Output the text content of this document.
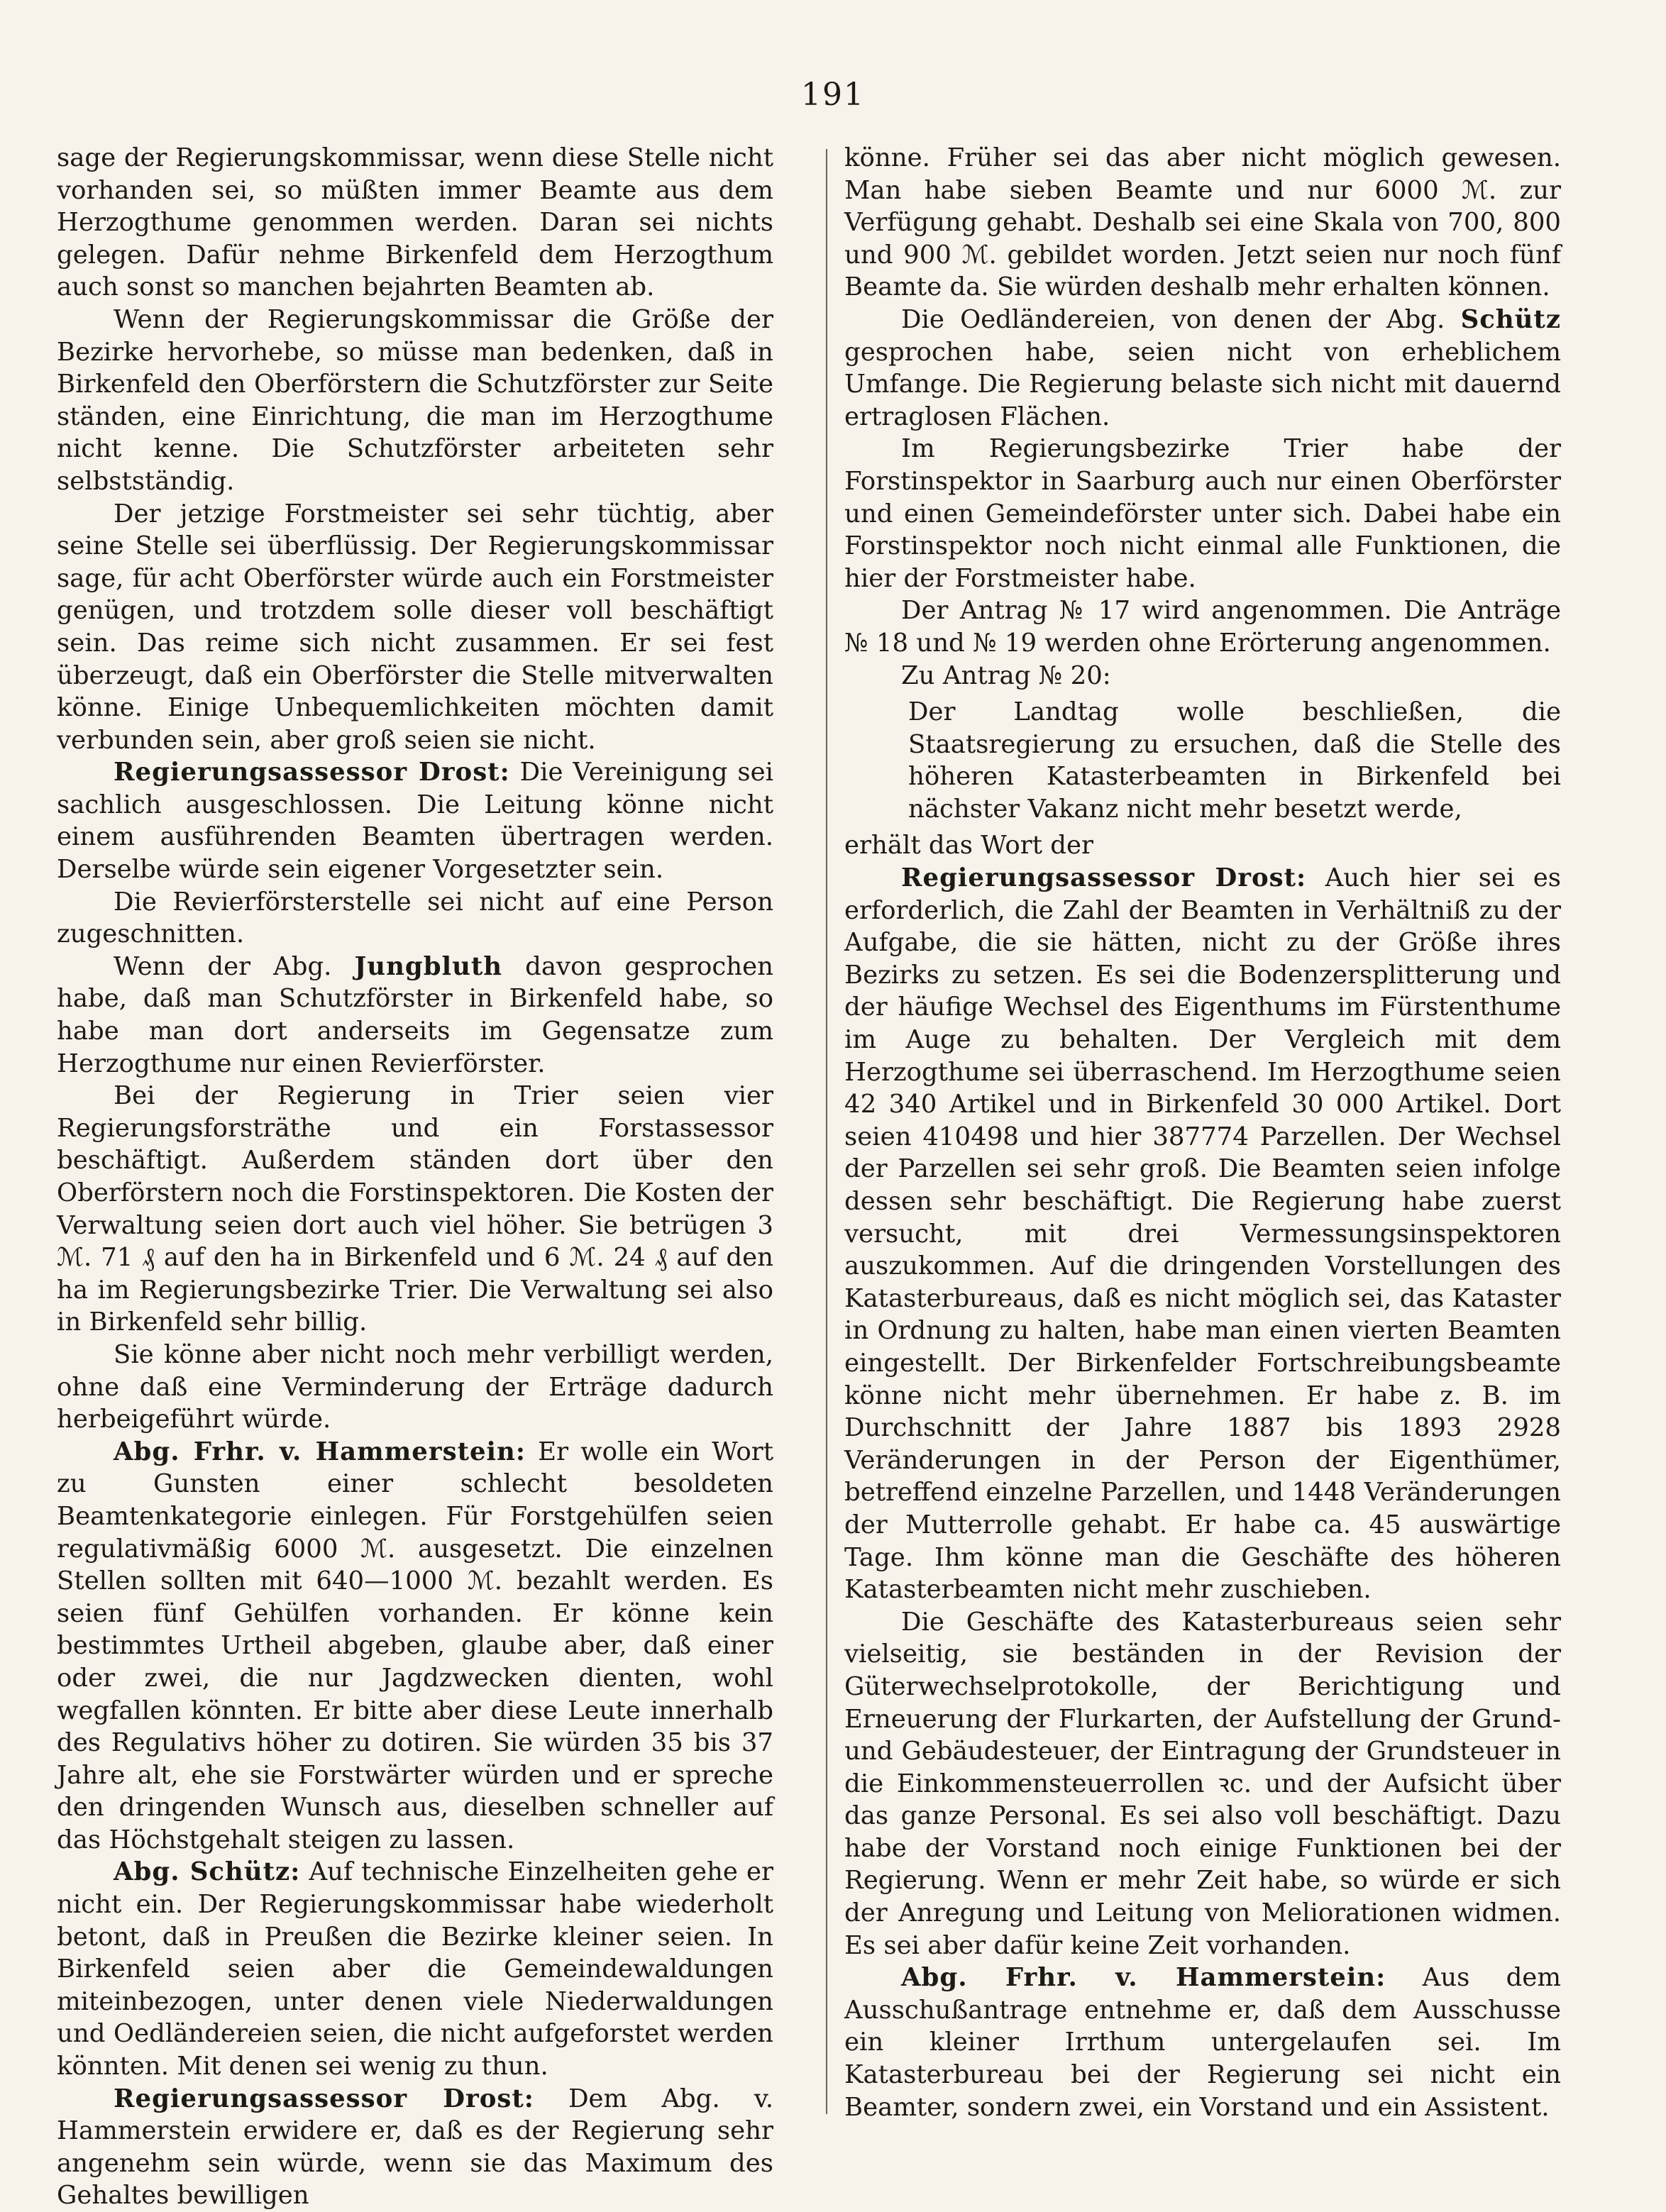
191

sage der Regierungskommissar, wenn diese Stelle nicht vorhanden sei, so müßten immer Beamte aus dem Herzogthume genommen werden. Daran sei nichts gelegen. Dafür nehme Birkenfeld dem Herzogthum auch sonst so manchen bejahrten Beamten ab.

Wenn der Regierungskommissar die Größe der Bezirke hervorhebe, so müsse man bedenken, daß in Birkenfeld den Oberförstern die Schutzförster zur Seite ständen, eine Einrichtung, die man im Herzogthume nicht kenne. Die Schutzförster arbeiteten sehr selbstständig.

Der jetzige Forstmeister sei sehr tüchtig, aber seine Stelle sei überflüssig. Der Regierungskommissar sage, für acht Oberförster würde auch ein Forstmeister genügen, und trotzdem solle dieser voll beschäftigt sein. Das reime sich nicht zusammen. Er sei fest überzeugt, daß ein Oberförster die Stelle mitverwalten könne. Einige Unbequemlichkeiten möchten damit verbunden sein, aber groß seien sie nicht.

Regierungsassessor Drost: Die Vereinigung sei sachlich ausgeschlossen. Die Leitung könne nicht einem ausführenden Beamten übertragen werden. Derselbe würde sein eigener Vorgesetzter sein.

Die Revierförsterstelle sei nicht auf eine Person zugeschnitten.

Wenn der Abg. Jungbluth davon gesprochen habe, daß man Schutzförster in Birkenfeld habe, so habe man dort anderseits im Gegensatze zum Herzogthume nur einen Revierförster.

Bei der Regierung in Trier seien vier Regierungsforsträthe und ein Forstassessor beschäftigt. Außerdem ständen dort über den Oberförstern noch die Forstinspektoren. Die Kosten der Verwaltung seien dort auch viel höher. Sie betrügen 3 ℳ. 71 ₰ auf den ha in Birkenfeld und 6 ℳ. 24 ₰ auf den ha im Regierungsbezirke Trier. Die Verwaltung sei also in Birkenfeld sehr billig.

Sie könne aber nicht noch mehr verbilligt werden, ohne daß eine Verminderung der Erträge dadurch herbeigeführt würde.

Abg. Frhr. v. Hammerstein: Er wolle ein Wort zu Gunsten einer schlecht besoldeten Beamtenkategorie einlegen. Für Forstgehülfen seien regulativmäßig 6000 ℳ. ausgesetzt. Die einzelnen Stellen sollten mit 640—1000 ℳ. bezahlt werden. Es seien fünf Gehülfen vorhanden. Er könne kein bestimmtes Urtheil abgeben, glaube aber, daß einer oder zwei, die nur Jagdzwecken dienten, wohl wegfallen könnten. Er bitte aber diese Leute innerhalb des Regulativs höher zu dotiren. Sie würden 35 bis 37 Jahre alt, ehe sie Forstwärter würden und er spreche den dringenden Wunsch aus, dieselben schneller auf das Höchstgehalt steigen zu lassen.

Abg. Schütz: Auf technische Einzelheiten gehe er nicht ein. Der Regierungskommissar habe wiederholt betont, daß in Preußen die Bezirke kleiner seien. In Birkenfeld seien aber die Gemeindewaldungen miteinbezogen, unter denen viele Niederwaldungen und Oedländereien seien, die nicht aufgeforstet werden könnten. Mit denen sei wenig zu thun.

Regierungsassessor Drost: Dem Abg. v. Hammerstein erwidere er, daß es der Regierung sehr angenehm sein würde, wenn sie das Maximum des Gehaltes bewilligen

könne. Früher sei das aber nicht möglich gewesen. Man habe sieben Beamte und nur 6000 ℳ. zur Verfügung gehabt. Deshalb sei eine Skala von 700, 800 und 900 ℳ. gebildet worden. Jetzt seien nur noch fünf Beamte da. Sie würden deshalb mehr erhalten können.

Die Oedländereien, von denen der Abg. Schütz gesprochen habe, seien nicht von erheblichem Umfange. Die Regierung belaste sich nicht mit dauernd ertraglosen Flächen.

Im Regierungsbezirke Trier habe der Forstinspektor in Saarburg auch nur einen Oberförster und einen Gemeindeförster unter sich. Dabei habe ein Forstinspektor noch nicht einmal alle Funktionen, die hier der Forstmeister habe.

Der Antrag № 17 wird angenommen. Die Anträge № 18 und № 19 werden ohne Erörterung angenommen.

Zu Antrag № 20:

Der Landtag wolle beschließen, die Staatsregierung zu ersuchen, daß die Stelle des höheren Katasterbeamten in Birkenfeld bei nächster Vakanz nicht mehr besetzt werde,

erhält das Wort der

Regierungsassessor Drost: Auch hier sei es erforderlich, die Zahl der Beamten in Verhältniß zu der Aufgabe, die sie hätten, nicht zu der Größe ihres Bezirks zu setzen. Es sei die Bodenzersplitterung und der häufige Wechsel des Eigenthums im Fürstenthume im Auge zu behalten. Der Vergleich mit dem Herzogthume sei überraschend. Im Herzogthume seien 42 340 Artikel und in Birkenfeld 30 000 Artikel. Dort seien 410498 und hier 387774 Parzellen. Der Wechsel der Parzellen sei sehr groß. Die Beamten seien infolge dessen sehr beschäftigt. Die Regierung habe zuerst versucht, mit drei Vermessungsinspektoren auszukommen. Auf die dringenden Vorstellungen des Katasterbureaus, daß es nicht möglich sei, das Kataster in Ordnung zu halten, habe man einen vierten Beamten eingestellt. Der Birkenfelder Fortschreibungsbeamte könne nicht mehr übernehmen. Er habe z. B. im Durchschnitt der Jahre 1887 bis 1893 2928 Veränderungen in der Person der Eigenthümer, betreffend einzelne Parzellen, und 1448 Veränderungen der Mutterrolle gehabt. Er habe ca. 45 auswärtige Tage. Ihm könne man die Geschäfte des höheren Katasterbeamten nicht mehr zuschieben.

Die Geschäfte des Katasterbureaus seien sehr vielseitig, sie beständen in der Revision der Güterwechselprotokolle, der Berichtigung und Erneuerung der Flurkarten, der Aufstellung der Grund- und Gebäudesteuer, der Eintragung der Grundsteuer in die Einkommensteuerrollen ꝛc. und der Aufsicht über das ganze Personal. Es sei also voll beschäftigt. Dazu habe der Vorstand noch einige Funktionen bei der Regierung. Wenn er mehr Zeit habe, so würde er sich der Anregung und Leitung von Meliorationen widmen. Es sei aber dafür keine Zeit vorhanden.

Abg. Frhr. v. Hammerstein: Aus dem Ausschußantrage entnehme er, daß dem Ausschusse ein kleiner Irrthum untergelaufen sei. Im Katasterbureau bei der Regierung sei nicht ein Beamter, sondern zwei, ein Vorstand und ein Assistent.
